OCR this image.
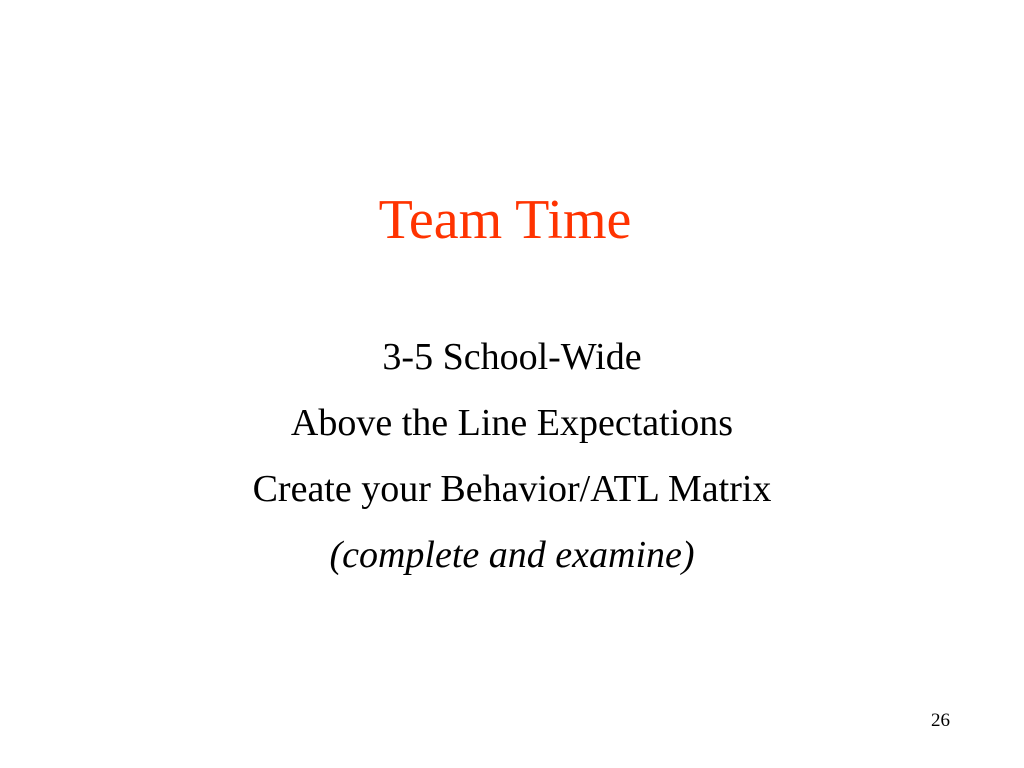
Team Time
3-5 School-Wide
Above the Line Expectations
Create your Behavior/ATL Matrix
(complete and examine)
26
